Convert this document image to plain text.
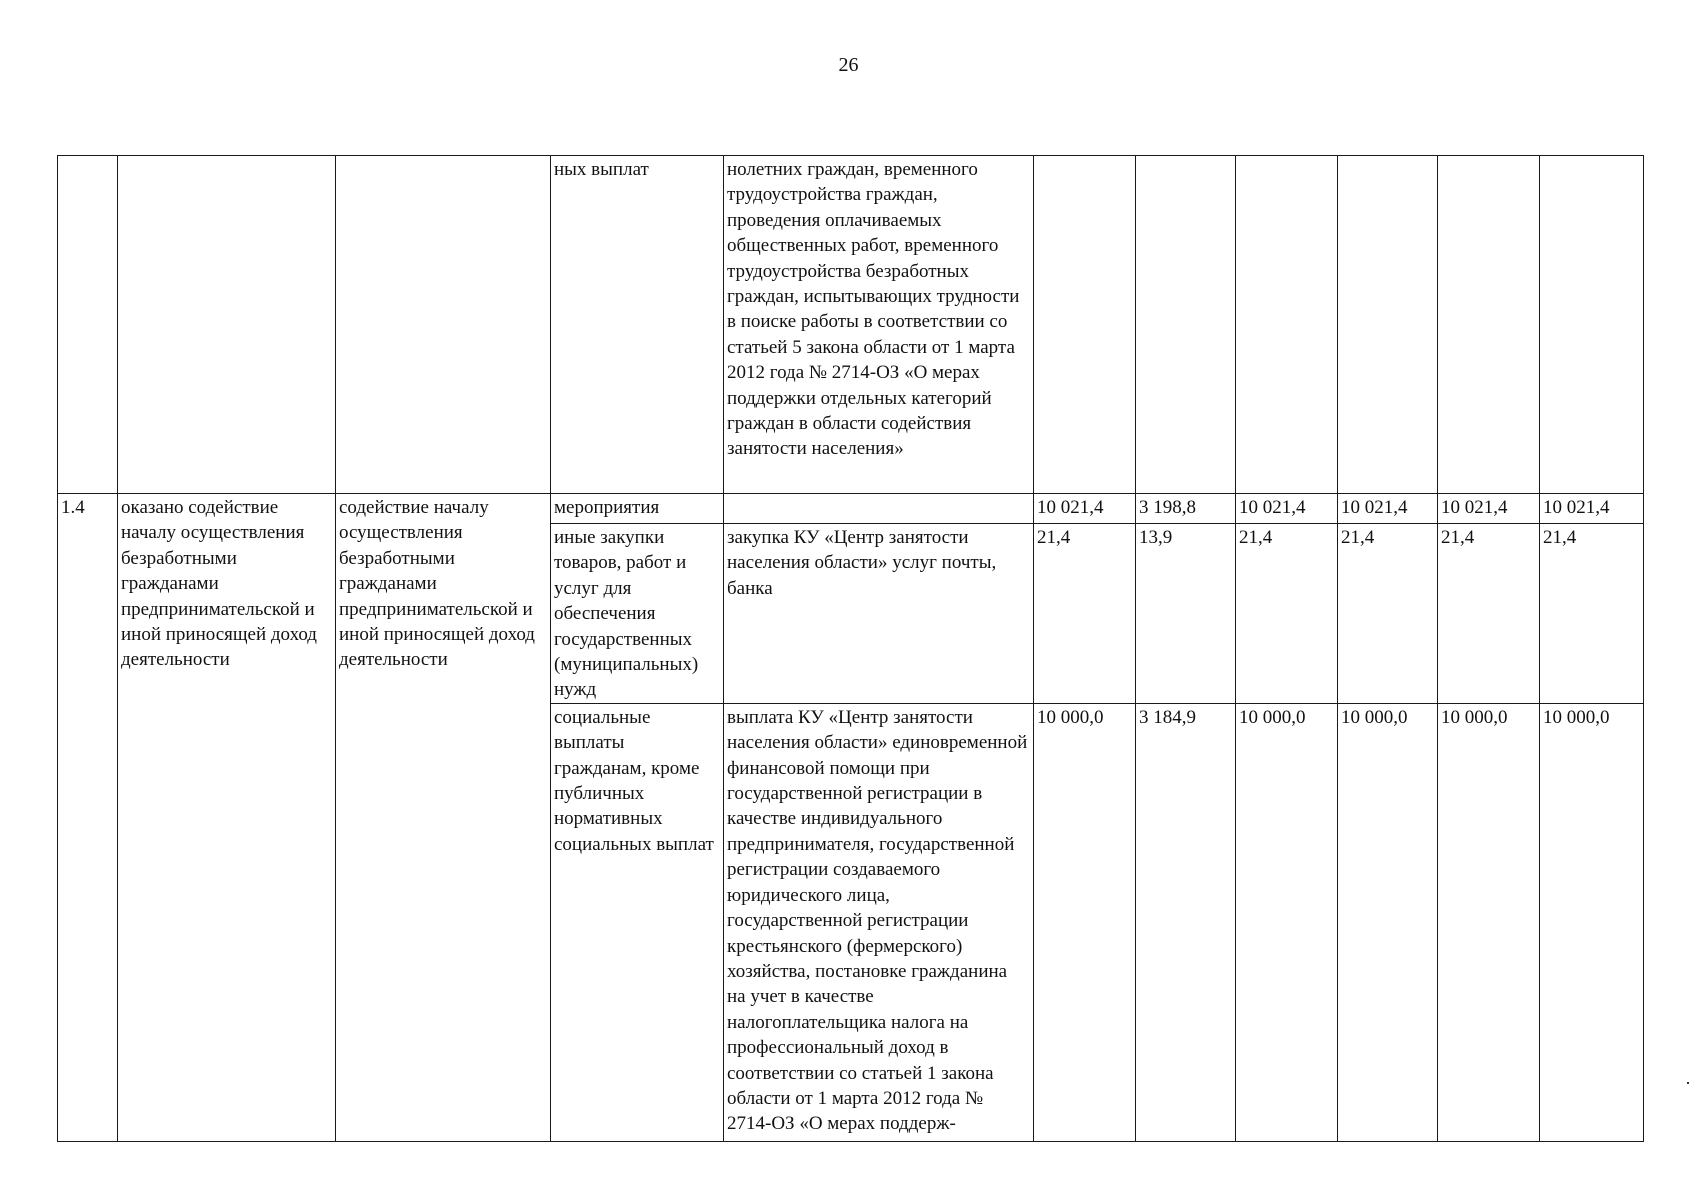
26
			ных выплат	нолетних граждан, временного трудоустройства граждан, проведения оплачиваемых общественных работ, временного трудоустройства безработных граждан, испытывающих трудности в поиске работы в соответствии со статьей 5 закона области от 1 марта 2012 года № 2714-ОЗ «О мерах поддержки отдельных категорий граждан в области содействия занятости населения»						
1.4	оказано содействие началу осуществления безработными гражданами предпринимательской и иной приносящей доход деятельности	содействие началу осуществления безработными гражданами предпринимательской и иной приносящей доход деятельности	мероприятия		10 021,4	3 198,8	10 021,4	10 021,4	10 021,4	10 021,4
			иные закупки товаров, работ и услуг для обеспечения государственных (муниципальных) нужд	закупка КУ «Центр занятости населения области» услуг почты, банка	21,4	13,9	21,4	21,4	21,4	21,4
			социальные выплаты гражданам, кроме публичных нормативных социальных выплат	выплата КУ «Центр занятости населения области» единовременной финансовой помощи при государственной регистрации в качестве индивидуального предпринимателя, государственной регистрации создаваемого юридического лица, государственной регистрации крестьянского (фермерского) хозяйства, постановке гражданина на учет в качестве налогоплательщика налога на профессиональный доход в соответствии со статьей 1 закона области от 1 марта 2012 года № 2714-ОЗ «О мерах поддерж-	10 000,0	3 184,9	10 000,0	10 000,0	10 000,0	10 000,0
